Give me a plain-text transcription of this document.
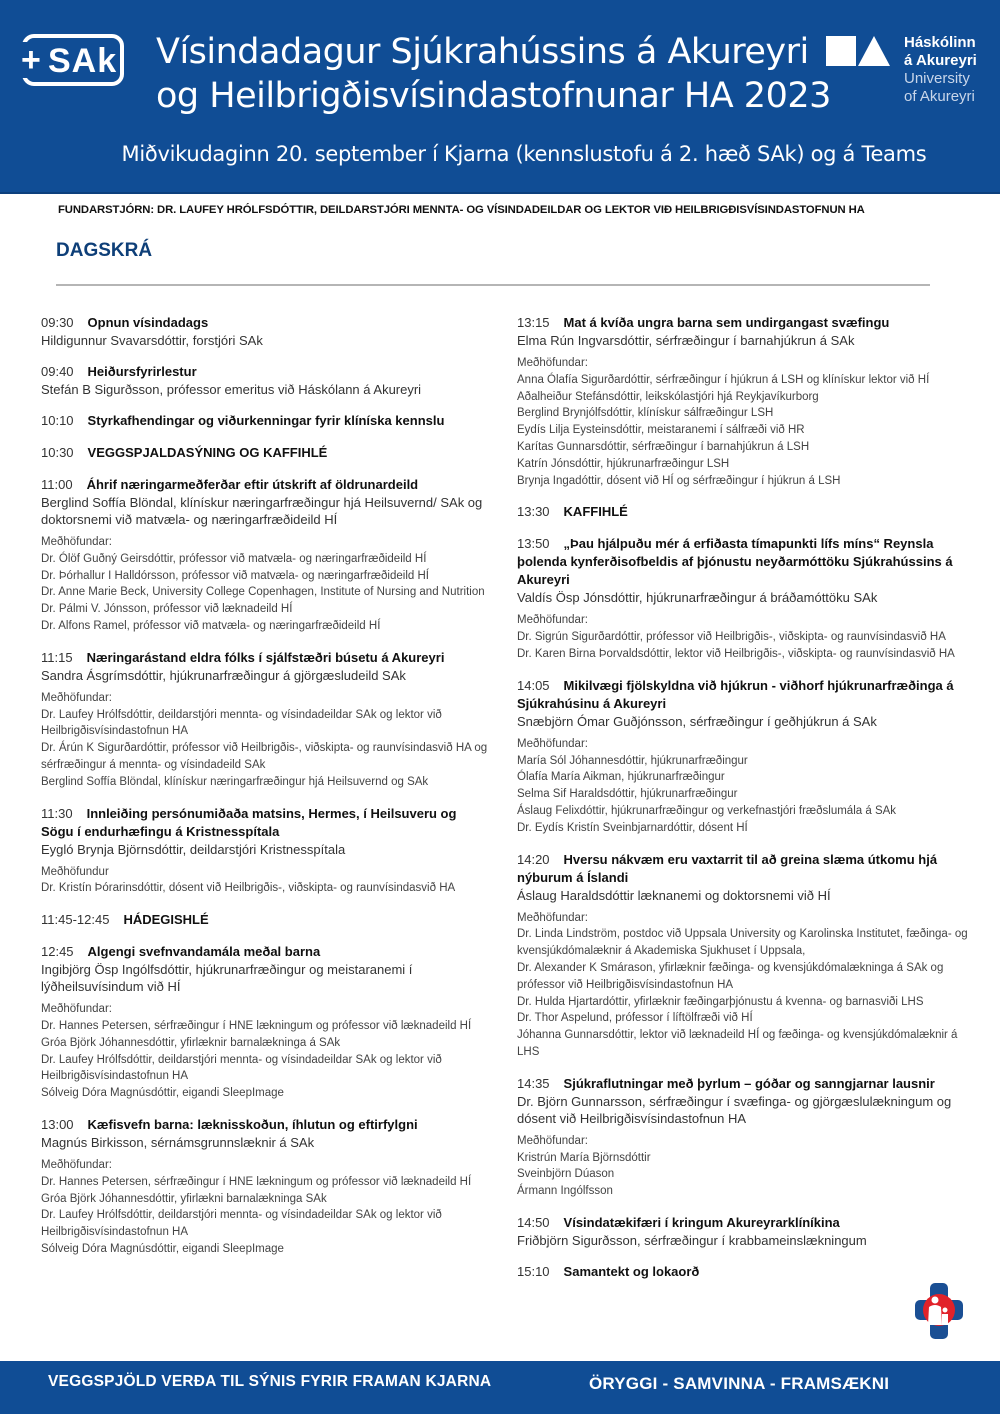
+ SAk Vísindadagur Sjúkrahússins á Akureyri
og Heilbrigðisvísindastofnunar HA 2023
Háskólinn
á Akureyri
University
of Akureyri
Miðvikudaginn 20. september í Kjarna (kennslustofu á 2. hæð SAk) og á Teams
FUNDARSTJÓRN: DR. LAUFEY HRÓLFSDÓTTIR, DEILDARSTJÓRI MENNTA- OG VÍSINDADEILDAR OG LEKTOR VIÐ HEILBRIGÐISVÍSINDASTOFNUN HA
DAGSKRÁ
09:30 Opnun vísindadags
Hildigunnur Svavarsdóttir, forstjóri SAk
09:40 Heiðursfyrirlestur
Stefán B Sigurðsson, prófessor emeritus við Háskólann á Akureyri
10:10 Styrkafhendingar og viðurkenningar fyrir klíníska kennslu
10:30 VEGGSPJALDASÝNING OG KAFFIHLÉ
11:00 Áhrif næringarmeðferðar eftir útskrift af öldrunardeild
Berglind Soffía Blöndal, klínískur næringarfræðingur hjá Heilsuvernd/ SAk og doktorsnemi við matvæla- og næringarfræðideild HÍ
Meðhöfundar:
Dr. Ólöf Guðný Geirsdóttir, prófessor við matvæla- og næringarfræðideild HÍ
Dr. Þórhallur I Halldórsson, prófessor við matvæla- og næringarfræðideild HÍ
Dr. Anne Marie Beck, University College Copenhagen, Institute of Nursing and Nutrition
Dr. Pálmi V. Jónsson, prófessor við læknadeild HÍ
Dr. Alfons Ramel, prófessor við matvæla- og næringarfræðideild HÍ
11:15 Næringarástand eldra fólks í sjálfstæðri búsetu á Akureyri
Sandra Ásgrímsdóttir, hjúkrunarfræðingur á gjörgæsludeild SAk
Meðhöfundar:
Dr. Laufey Hrólfsdóttir, deildarstjóri mennta- og vísindadeildar SAk og lektor við Heilbrigðisvísindastofnun HA
Dr. Árún K Sigurðardóttir, prófessor við Heilbrigðis-, viðskipta- og raunvísindasvið HA og sérfræðingur á mennta- og vísindadeild SAk
Berglind Soffía Blöndal, klínískur næringarfræðingur hjá Heilsuvernd og SAk
11:30 Innleiðing persónumiðaða matsins, Hermes, í Heilsuveru og Sögu í endurhæfingu á Kristnesspítala
Eygló Brynja Björnsdóttir, deildarstjóri Kristnesspítala
Meðhöfundur
Dr. Kristín Þórarinsdóttir, dósent við Heilbrigðis-, viðskipta- og raunvísindasvið HA
11:45-12:45 HÁDEGISHLÉ
12:45 Algengi svefnvandamála meðal barna
Ingibjörg Ösp Ingólfsdóttir, hjúkrunarfræðingur og meistaranemi í lýðheilsuvísindum við HÍ
Meðhöfundar:
Dr. Hannes Petersen, sérfræðingur í HNE lækningum og prófessor við læknadeild HÍ
Gróa Björk Jóhannesdóttir, yfirlæknir barnalækninga á SAk
Dr. Laufey Hrólfsdóttir, deildarstjóri mennta- og vísindadeildar SAk og lektor við Heilbrigðisvísindastofnun HA
Sólveig Dóra Magnúsdóttir, eigandi SleepImage
13:00 Kæfisvefn barna: læknisskoðun, íhlutun og eftirfylgni
Magnús Birkisson, sérnámsgrunnslæknir á SAk
Meðhöfundar:
Dr. Hannes Petersen, sérfræðingur í HNE lækningum og prófessor við læknadeild HÍ
Gróa Björk Jóhannesdóttir, yfirlækni barnalækninga SAk
Dr. Laufey Hrólfsdóttir, deildarstjóri mennta- og vísindadeildar SAk og lektor við Heilbrigðisvísindastofnun HA
Sólveig Dóra Magnúsdóttir, eigandi SleepImage
13:15 Mat á kvíða ungra barna sem undirgangast svæfingu
Elma Rún Ingvarsdóttir, sérfræðingur í barnahjúkrun á SAk
Meðhöfundar:
Anna Ólafía Sigurðardóttir, sérfræðingur í hjúkrun á LSH og klínískur lektor við HÍ
Aðalheiður Stefánsdóttir, leikskólastjóri hjá Reykjavíkurborg
Berglind Brynjólfsdóttir, klínískur sálfræðingur LSH
Eydís Lilja Eysteinsdóttir, meistaranemi í sálfræði við HR
Karítas Gunnarsdóttir, sérfræðingur í barnahjúkrun á LSH
Katrín Jónsdóttir, hjúkrunarfræðingur LSH
Brynja Ingadóttir, dósent við HÍ og sérfræðingur í hjúkrun á LSH
13:30 KAFFIHLÉ
13:50 „Þau hjálpuðu mér á erfiðasta tímapunkti lífs míns“ Reynsla þolenda kynferðisofbeldis af þjónustu neyðarmóttöku Sjúkrahússins á Akureyri
Valdís Ösp Jónsdóttir, hjúkrunarfræðingur á bráðamóttöku SAk
Meðhöfundar:
Dr. Sigrún Sigurðardóttir, prófessor við Heilbrigðis-, viðskipta- og raunvísindasvið HA
Dr. Karen Birna Þorvaldsdóttir, lektor við Heilbrigðis-, viðskipta- og raunvísindasvið HA
14:05 Mikilvægi fjölskyldna við hjúkrun - viðhorf hjúkrunarfræðinga á Sjúkrahúsinu á Akureyri
Snæbjörn Ómar Guðjónsson, sérfræðingur í geðhjúkrun á SAk
Meðhöfundar:
María Sól Jóhannesdóttir, hjúkrunarfræðingur
Ólafía María Aikman, hjúkrunarfræðingur
Selma Sif Haraldsdóttir, hjúkrunarfræðingur
Áslaug Felixdóttir, hjúkrunarfræðingur og verkefnastjóri fræðslumála á SAk
Dr. Eydís Kristín Sveinbjarnardóttir, dósent HÍ
14:20 Hversu nákvæm eru vaxtarrit til að greina slæma útkomu hjá nýburum á Íslandi
Áslaug Haraldsdóttir læknanemi og doktorsnemi við HÍ
Meðhöfundar:
Dr. Linda Lindström, postdoc við Uppsala University og Karolinska Institutet, fæðinga- og kvensjúkdómalæknir á Akademiska Sjukhuset í Uppsala,
Dr. Alexander K Smárason, yfirlæknir fæðinga- og kvensjúkdómalækninga á SAk og prófessor við Heilbrigðisvísindastofnun HA
Dr. Hulda Hjartardóttir, yfirlæknir fæðingarþjónustu á kvenna- og barnasviði LHS
Dr. Thor Aspelund, prófessor í líftölfræði við HÍ
Jóhanna Gunnarsdóttir, lektor við læknadeild HÍ og fæðinga- og kvensjúkdómalæknir á LHS
14:35 Sjúkraflutningar með þyrlum – góðar og sanngjarnar lausnir
Dr. Björn Gunnarsson, sérfræðingur í svæfinga- og gjörgæslulækningum og dósent við Heilbrigðisvísindastofnun HA
Meðhöfundar:
Kristrún María Björnsdóttir
Sveinbjörn Dúason
Ármann Ingólfsson
14:50 Vísindatækifæri í kringum Akureyrarklíníkina
Friðbjörn Sigurðsson, sérfræðingur í krabbameinslækningum
15:10 Samantekt og lokaorð
VEGGSPJÖLD VERÐA TIL SÝNIS FYRIR FRAMAN KJARNA	ÖRYGGI - SAMVINNA - FRAMSÆKNI
